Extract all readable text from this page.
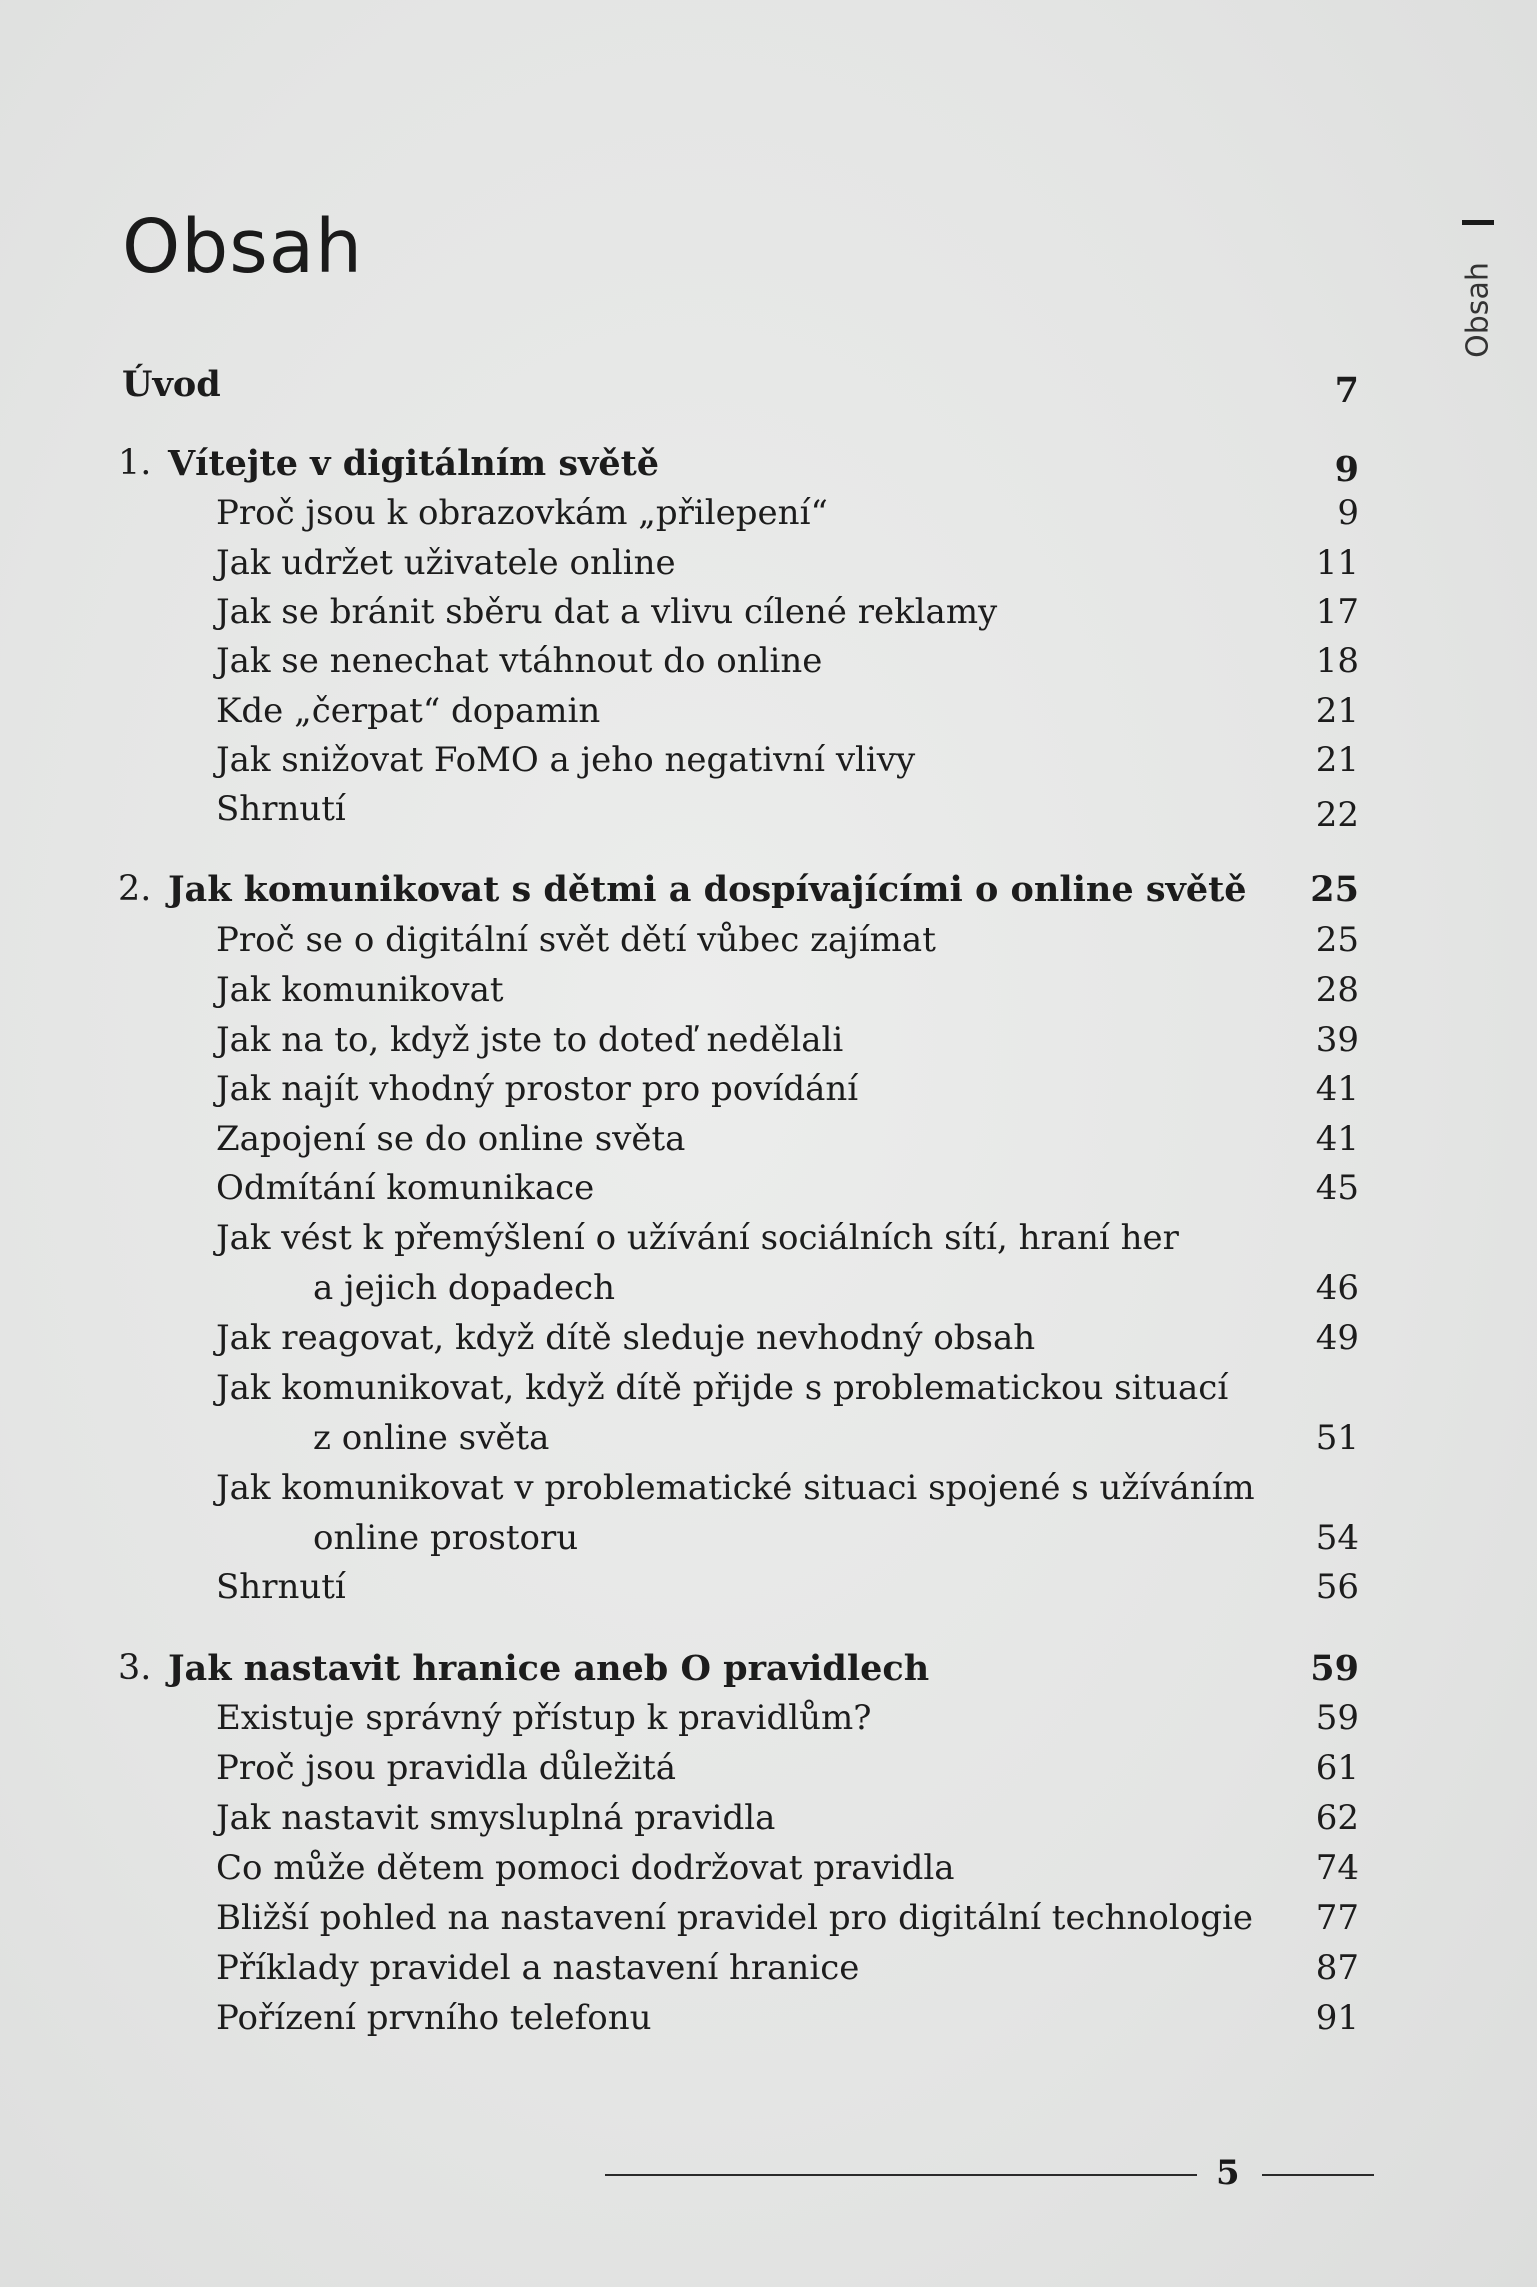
Obsah
Obsah
Úvod	7
1. Vítejte v digitálním světě	9
Proč jsou k obrazovkám „přilepení“	9
Jak udržet uživatele online	11
Jak se bránit sběru dat a vlivu cílené reklamy	17
Jak se nenechat vtáhnout do online	18
Kde „čerpat“ dopamin	21
Jak snižovat FoMO a jeho negativní vlivy	21
Shrnutí	22
2. Jak komunikovat s dětmi a dospívajícími o online světě 25
Proč se o digitální svět dětí vůbec zajímat	25
Jak komunikovat	28
Jak na to, když jste to doteď nedělali	39
Jak najít vhodný prostor pro povídání	41
Zapojení se do online světa	41
Odmítání komunikace	45
Jak vést k přemýšlení o užívání sociálních sítí, hraní her
a jejich dopadech	46
Jak reagovat, když dítě sleduje nevhodný obsah	49
Jak komunikovat, když dítě přijde s problematickou situací
z online světa	51
Jak komunikovat v problematické situaci spojené s užíváním
online prostoru	54
Shrnutí	56
3. Jak nastavit hranice aneb O pravidlech	59
Existuje správný přístup k pravidlům?	59
Proč jsou pravidla důležitá	61
Jak nastavit smysluplná pravidla	62
Co může dětem pomoci dodržovat pravidla	74
Bližší pohled na nastavení pravidel pro digitální technologie 77
Příklady pravidel a nastavení hranice	87
Pořízení prvního telefonu	91
5
